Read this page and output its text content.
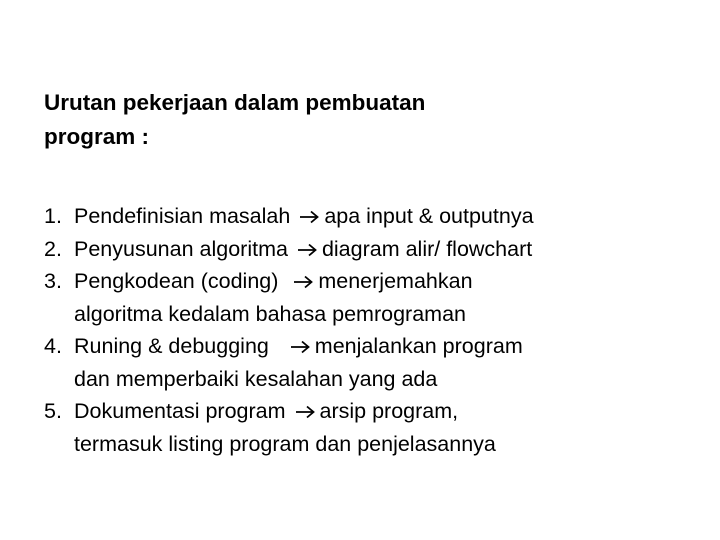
Urutan pekerjaan dalam pembuatan
program :
1. Pendefinisian masalah apa input & outputnya
2. Penyusunan algoritma diagram alir/ flowchart
3. Pengkodean (coding) menerjemahkan
algoritma kedalam bahasa pemrograman
4. Runing & debugging menjalankan program
dan memperbaiki kesalahan yang ada
5. Dokumentasi program arsip program,
termasuk listing program dan penjelasannya
